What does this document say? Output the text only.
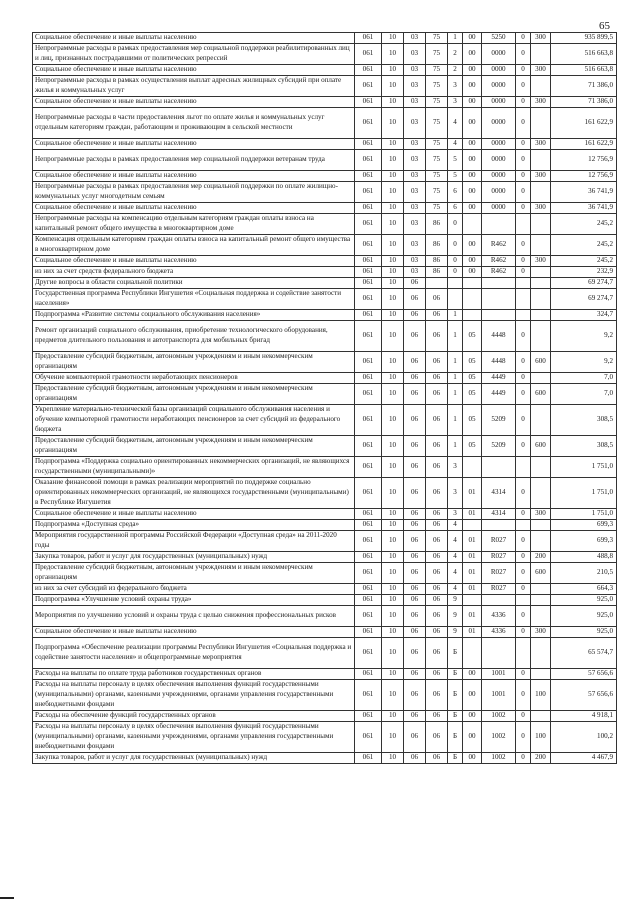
65
Социальное обеспечение и иные выплаты населению	061	10	03	75	1	00	5250	0	300	935 899,5
Непрограммные расходы в рамках предоставления мер социальной поддержки реабилитированных лиц и лиц, признанных пострадавшими от политических репрессий	061	10	03	75	2	00	0000	0		516 663,8
Социальное обеспечение и иные выплаты населению	061	10	03	75	2	00	0000	0	300	516 663,8
Непрограммные расходы в рамках осуществления выплат адресных жилищных субсидий при оплате жилья и коммунальных услуг	061	10	03	75	3	00	0000	0		71 386,0
Социальное обеспечение и иные выплаты населению	061	10	03	75	3	00	0000	0	300	71 386,0
Непрограммные расходы в части предоставления льгот по оплате жилья и коммунальных услуг отдельным категориям граждан, работающим и проживающим в сельской местности	061	10	03	75	4	00	0000	0		161 622,9
Социальное обеспечение и иные выплаты населению	061	10	03	75	4	00	0000	0	300	161 622,9
Непрограммные расходы в рамках предоставления мер социальной поддержки ветеранам труда	061	10	03	75	5	00	0000	0		12 756,9
Социальное обеспечение и иные выплаты населению	061	10	03	75	5	00	0000	0	300	12 756,9
Непрограммные расходы в рамках предоставления мер социальной поддержки по оплате жилищно-коммунальных услуг многодетным семьям	061	10	03	75	6	00	0000	0		36 741,9
Социальное обеспечение и иные выплаты населению	061	10	03	75	6	00	0000	0	300	36 741,9
Непрограммные расходы на компенсацию отдельным категориям граждан оплаты взноса на капитальный ремонт общего имущества в многоквартирном доме	061	10	03	86	0					245,2
Компенсация отдельным категориям граждан оплаты взноса на капитальный ремонт общего имущества в многоквартирном доме	061	10	03	86	0	00	R462	0		245,2
Социальное обеспечение и иные выплаты населению	061	10	03	86	0	00	R462	0	300	245,2
из них за счет средств федерального бюджета	061	10	03	86	0	00	R462	0		232,9
Другие вопросы в области социальной политики	061	10	06							69 274,7
Государственная программа Республики Ингушетия «Социальная поддержка и содействие занятости населения»	061	10	06	06						69 274,7
Подпрограмма «Развитие системы социального обслуживания населения»	061	10	06	06	1					324,7
Ремонт организаций социального обслуживания, приобретение технологического оборудования, предметов длительного пользования и автотранспорта для мобильных бригад	061	10	06	06	1	05	4448	0		9,2
Предоставление субсидий бюджетным, автономным учреждениям и иным некоммерческим организациям	061	10	06	06	1	05	4448	0	600	9,2
Обучение компьютерной грамотности неработающих пенсионеров	061	10	06	06	1	05	4449	0		7,0
Предоставление субсидий бюджетным, автономным учреждениям и иным некоммерческим организациям	061	10	06	06	1	05	4449	0	600	7,0
Укрепление материально-технической базы организаций социального обслуживания населения и обучение компьютерной грамотности неработающих пенсионеров за счет субсидий из федерального бюджета	061	10	06	06	1	05	5209	0		308,5
Предоставление субсидий бюджетным, автономным учреждениям и иным некоммерческим организациям	061	10	06	06	1	05	5209	0	600	308,5
Подпрограмма «Поддержка социально ориентированных некоммерческих организаций, не являющихся государственными (муниципальными)»	061	10	06	06	3					1 751,0
Оказание финансовой помощи в рамках реализации мероприятий по поддержке социально ориентированных некоммерческих организаций, не являющихся государственными (муниципальными) в Республике Ингушетия	061	10	06	06	3	01	4314	0		1 751,0
Социальное обеспечение и иные выплаты населению	061	10	06	06	3	01	4314	0	300	1 751,0
Подпрограмма «Доступная среда»	061	10	06	06	4					699,3
Мероприятия государственной программы Российской Федерации «Доступная среда» на 2011-2020 годы	061	10	06	06	4	01	R027	0		699,3
Закупка товаров, работ и услуг для государственных (муниципальных) нужд	061	10	06	06	4	01	R027	0	200	488,8
Предоставление субсидий бюджетным, автономным учреждениям и иным некоммерческим организациям	061	10	06	06	4	01	R027	0	600	210,5
из них за счет субсидий из федерального бюджета	061	10	06	06	4	01	R027	0		664,3
Подпрограмма «Улучшение условий охраны труда»	061	10	06	06	9					925,0
Мероприятия по улучшению условий и охраны труда с целью снижения профессиональных рисков	061	10	06	06	9	01	4336	0		925,0
Социальное обеспечение и иные выплаты населению	061	10	06	06	9	01	4336	0	300	925,0
Подпрограмма «Обеспечение реализации программы Республики Ингушетия «Социальная поддержка и содействие занятости населения» и общепрограммные мероприятия	061	10	06	06	Б					65 574,7
Расходы на выплаты по оплате труда работников государственных органов	061	10	06	06	Б	00	1001	0		57 656,6
Расходы на выплаты персоналу в целях обеспечения выполнения функций государственными (муниципальными) органами, казенными учреждениями, органами управления государственными внебюджетными фондами	061	10	06	06	Б	00	1001	0	100	57 656,6
Расходы на обеспечение функций государственных органов	061	10	06	06	Б	00	1002	0		4 918,1
Расходы на выплаты персоналу в целях обеспечения выполнения функций государственными (муниципальными) органами, казенными учреждениями, органами управления государственными внебюджетными фондами	061	10	06	06	Б	00	1002	0	100	100,2
Закупка товаров, работ и услуг для государственных (муниципальных) нужд	061	10	06	06	Б	00	1002	0	200	4 467,9
